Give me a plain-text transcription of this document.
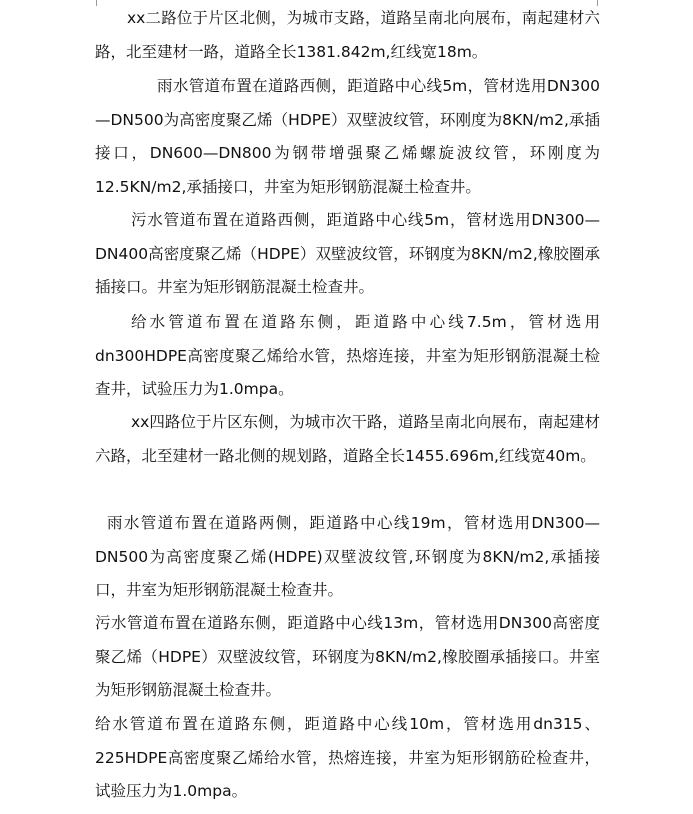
xx二路位于片区北侧，为城市支路，道路呈南北向展布，南起建材六路，北至建材一路，道路全长1381.842m,红线宽18m。

雨水管道布置在道路西侧，距道路中心线5m，管材选用DN300—DN500为高密度聚乙烯（HDPE）双壁波纹管，环刚度为8KN/m2,承插接口，DN600—DN800为钢带增强聚乙烯螺旋波纹管，环刚度为12.5KN/m2,承插接口，井室为矩形钢筋混凝土检查井。

污水管道布置在道路西侧，距道路中心线5m，管材选用DN300—DN400高密度聚乙烯（HDPE）双壁波纹管，环钢度为8KN/m2,橡胶圈承插接口。井室为矩形钢筋混凝土检查井。

给水管道布置在道路东侧，距道路中心线7.5m，管材选用dn300HDPE高密度聚乙烯给水管，热熔连接，井室为矩形钢筋混凝土检查井，试验压力为1.0mpa。

xx四路位于片区东侧，为城市次干路，道路呈南北向展布，南起建材六路，北至建材一路北侧的规划路，道路全长1455.696m,红线宽40m。

雨水管道布置在道路两侧，距道路中心线19m，管材选用DN300—DN500为高密度聚乙烯(HDPE)双壁波纹管,环钢度为8KN/m2,承插接口，井室为矩形钢筋混凝土检查井。

污水管道布置在道路东侧，距道路中心线13m，管材选用DN300高密度聚乙烯（HDPE）双壁波纹管，环钢度为8KN/m2,橡胶圈承插接口。井室为矩形钢筋混凝土检查井。

给水管道布置在道路东侧，距道路中心线10m，管材选用dn315、225HDPE高密度聚乙烯给水管，热熔连接，井室为矩形钢筋砼检查井，试验压力为1.0mpa。
